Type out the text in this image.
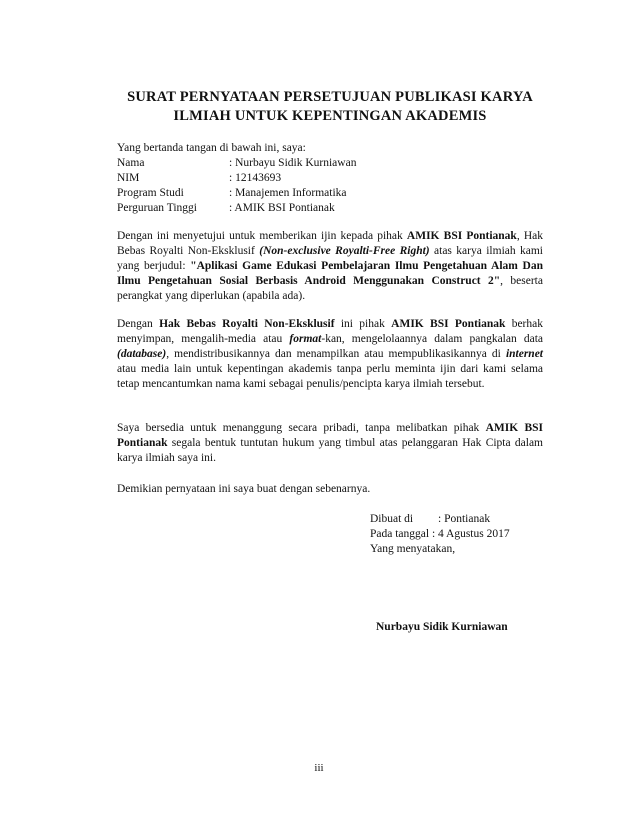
SURAT PERNYATAAN PERSETUJUAN PUBLIKASI KARYA
ILMIAH UNTUK KEPENTINGAN AKADEMIS
Yang bertanda tangan di bawah ini, saya:
Nama	: Nurbayu Sidik Kurniawan
NIM	: 12143693
Program Studi	: Manajemen Informatika
Perguruan Tinggi	: AMIK BSI Pontianak

Dengan ini menyetujui untuk memberikan ijin kepada pihak AMIK BSI Pontianak, Hak Bebas Royalti Non-Eksklusif (Non-exclusive Royalti-Free Right) atas karya ilmiah kami yang berjudul: "Aplikasi Game Edukasi Pembelajaran Ilmu Pengetahuan Alam Dan Ilmu Pengetahuan Sosial Berbasis Android Menggunakan Construct 2", beserta perangkat yang diperlukan (apabila ada).

Dengan Hak Bebas Royalti Non-Eksklusif ini pihak AMIK BSI Pontianak berhak menyimpan, mengalih-media atau format-kan, mengelolaannya dalam pangkalan data (database), mendistribusikannya dan menampilkan atau mempublikasikannya di internet atau media lain untuk kepentingan akademis tanpa perlu meminta ijin dari kami selama tetap mencantumkan nama kami sebagai penulis/pencipta karya ilmiah tersebut.

Saya bersedia untuk menanggung secara pribadi, tanpa melibatkan pihak AMIK BSI Pontianak segala bentuk tuntutan hukum yang timbul atas pelanggaran Hak Cipta dalam karya ilmiah saya ini.

Demikian pernyataan ini saya buat dengan sebenarnya.

Dibuat di	: Pontianak
Pada tanggal : 4 Agustus 2017
Yang menyatakan,
Nurbayu Sidik Kurniawan
iii
